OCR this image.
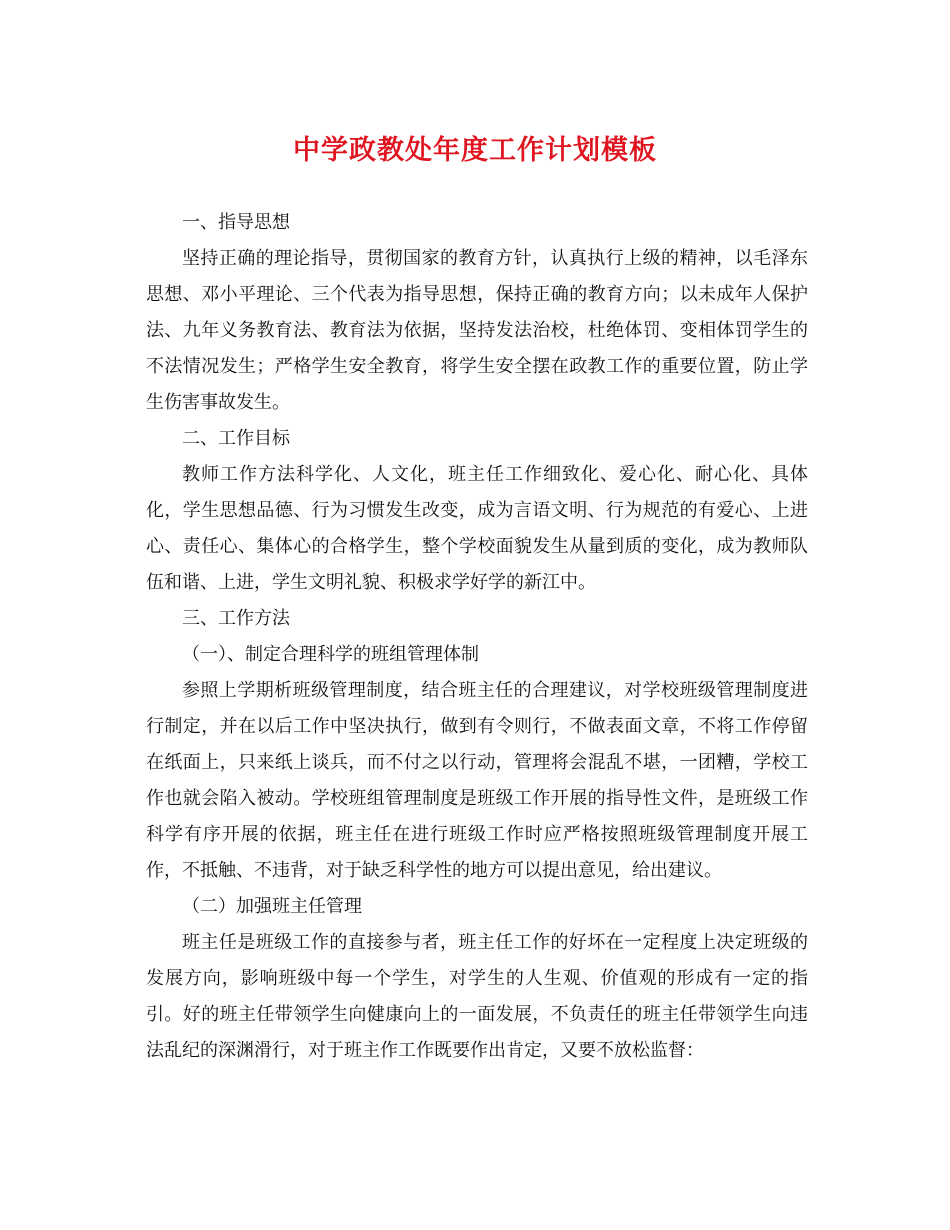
中学政教处年度工作计划模板

一、指导思想

坚持正确的理论指导，贯彻国家的教育方针，认真执行上级的精神，以毛泽东思想、邓小平理论、三个代表为指导思想，保持正确的教育方向；以未成年人保护法、九年义务教育法、教育法为依据，坚持发法治校，杜绝体罚、变相体罚学生的不法情况发生；严格学生安全教育，将学生安全摆在政教工作的重要位置，防止学生伤害事故发生。

二、工作目标

教师工作方法科学化、人文化，班主任工作细致化、爱心化、耐心化、具体化，学生思想品德、行为习惯发生改变，成为言语文明、行为规范的有爱心、上进心、责任心、集体心的合格学生，整个学校面貌发生从量到质的变化，成为教师队伍和谐、上进，学生文明礼貌、积极求学好学的新江中。

三、工作方法

（一）、制定合理科学的班组管理体制

参照上学期析班级管理制度，结合班主任的合理建议，对学校班级管理制度进行制定，并在以后工作中坚决执行，做到有令则行，不做表面文章，不将工作停留在纸面上，只来纸上谈兵，而不付之以行动，管理将会混乱不堪，一团糟，学校工作也就会陷入被动。学校班组管理制度是班级工作开展的指导性文件，是班级工作科学有序开展的依据，班主任在进行班级工作时应严格按照班级管理制度开展工作，不抵触、不违背，对于缺乏科学性的地方可以提出意见，给出建议。

（二）加强班主任管理

班主任是班级工作的直接参与者，班主任工作的好坏在一定程度上决定班级的发展方向，影响班级中每一个学生，对学生的人生观、价值观的形成有一定的指引。好的班主任带领学生向健康向上的一面发展，不负责任的班主任带领学生向违法乱纪的深渊滑行，对于班主作工作既要作出肯定，又要不放松监督：
